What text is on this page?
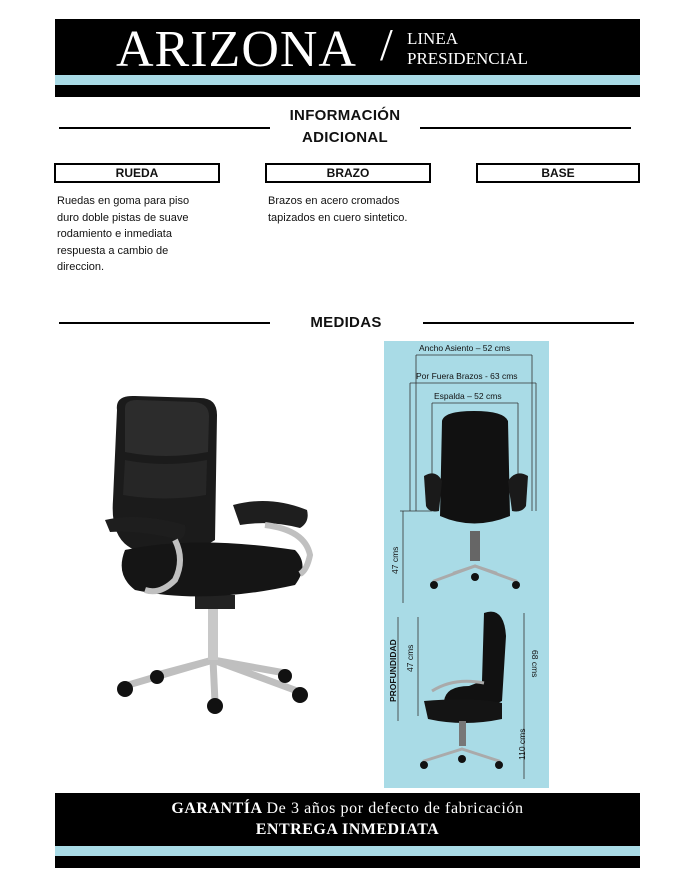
ARIZONA / LINEA
PRESIDENCIAL
INFORMACIÓN
ADICIONAL
RUEDA	BRAZO	BASE
Ruedas en goma para piso
duro doble pistas de suave
rodamiento e inmediata
respuesta a cambio de
direccion.
Brazos en acero cromados
tapizados en cuero sintetico.
MEDIDAS
Ancho Asiento – 52 cms
Por Fuera Brazos - 63 cms
Espalda – 52 cms
47 cms
PROFUNDIDAD 47 cms	68 cms
110 cms
GARANTÍA De 3 años por defecto de fabricación
ENTREGA INMEDIATA
